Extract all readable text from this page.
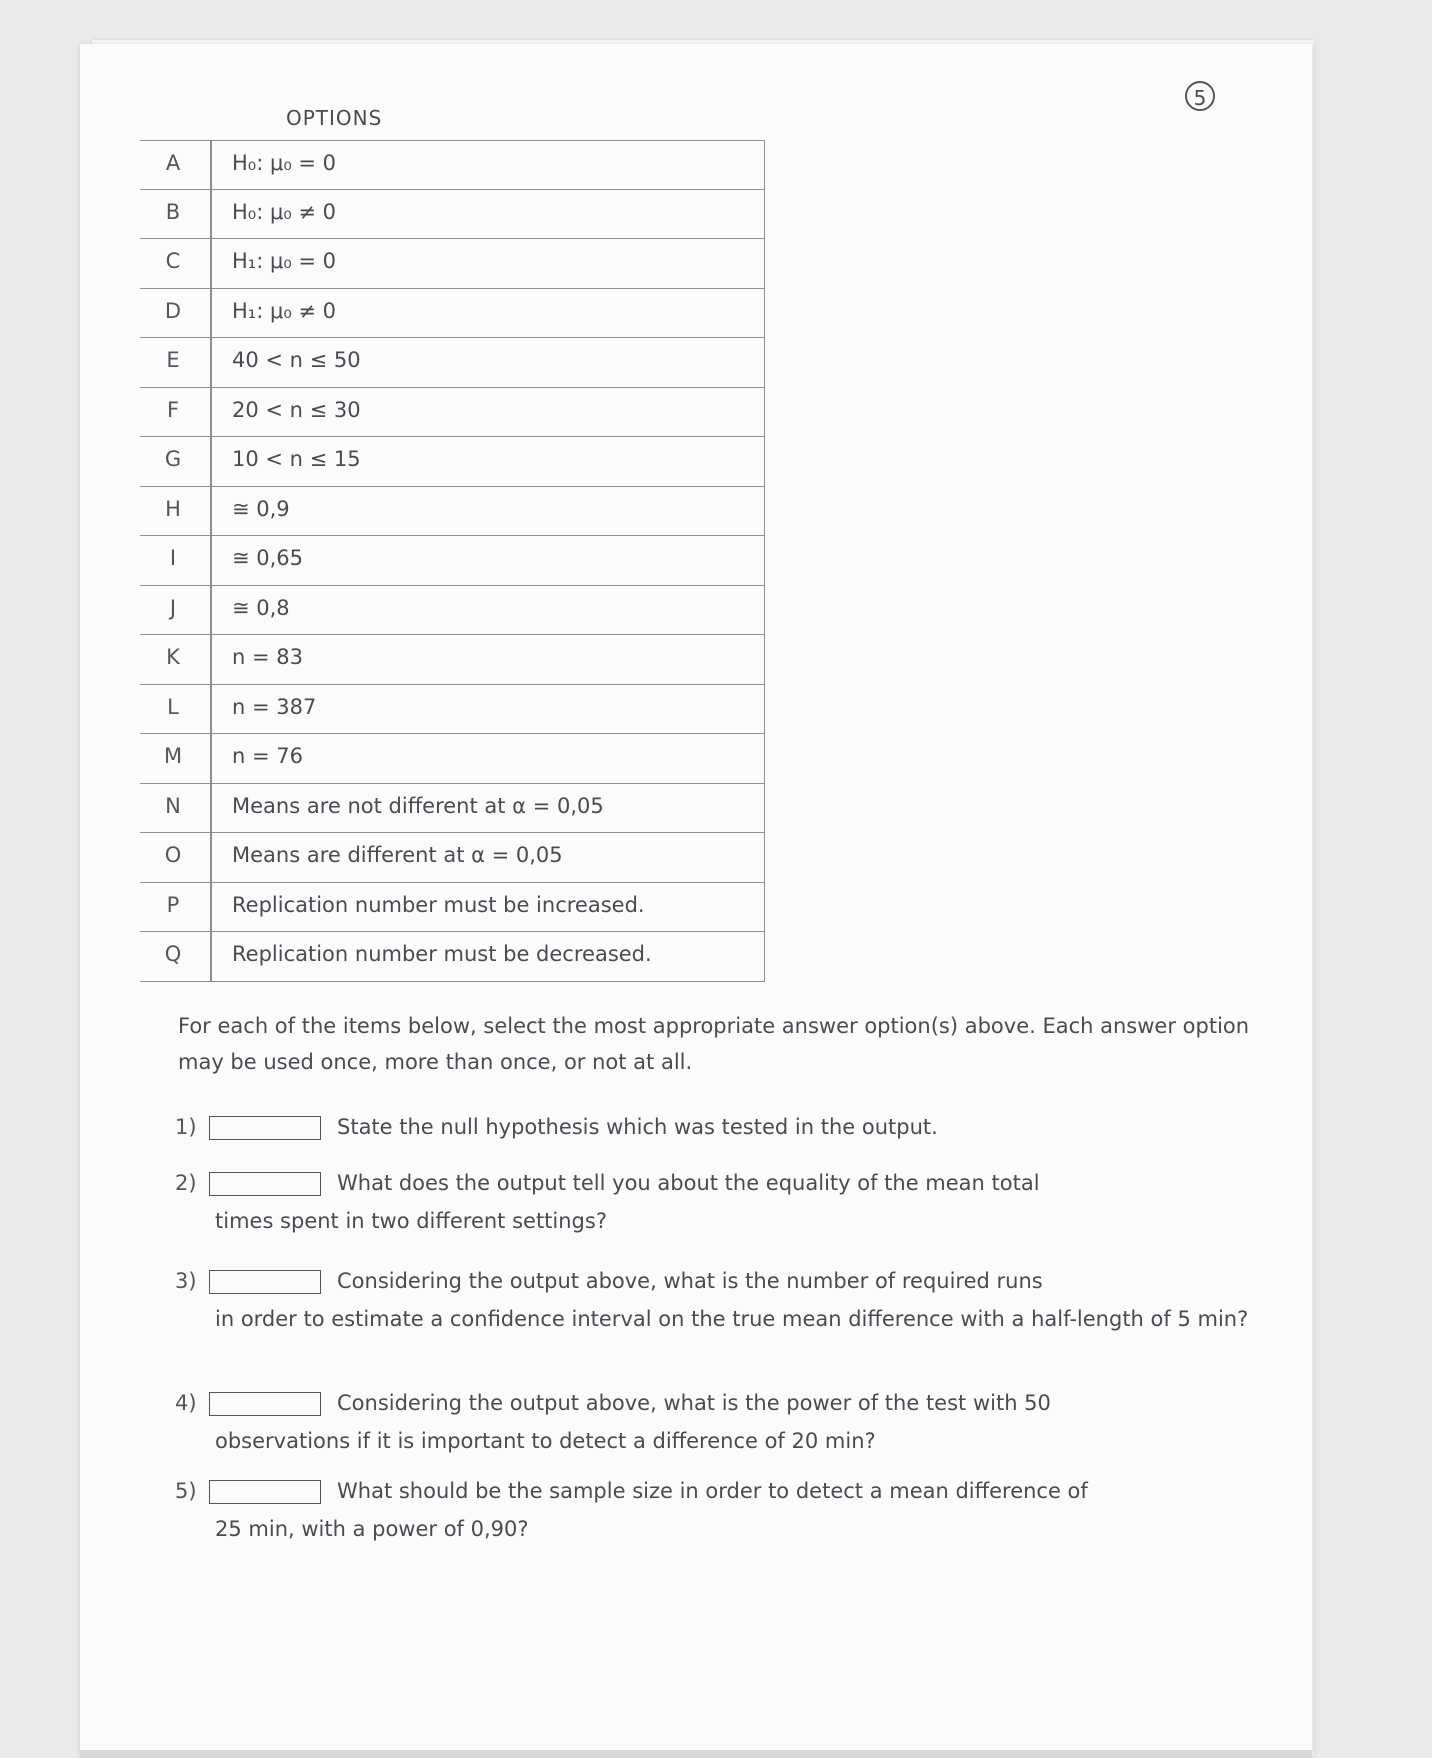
5
OPTIONS
A	H₀: μ₀ = 0
B	H₀: μ₀ ≠ 0
C	H₁: μ₀ = 0
D	H₁: μ₀ ≠ 0
E	40 < n ≤ 50
F	20 < n ≤ 30
G	10 < n ≤ 15
H	≅ 0,9
I	≅ 0,65
J	≅ 0,8
K	n = 83
L	n = 387
M n = 76
N	Means are not different at α = 0,05
O	Means are different at α = 0,05
P	Replication number must be increased.
Q	Replication number must be decreased.
For each of the items below, select the most appropriate answer option(s) above. Each answer option may be used once, more than once, or not at all.
1)	State the null hypothesis which was tested in the output.
2)	What does the output tell you about the equality of the mean total
times spent in two different settings?
3)	Considering the output above, what is the number of required runs
in order to estimate a confidence interval on the true mean difference with a half-length of 5 min?
4)	Considering the output above, what is the power of the test with 50
observations if it is important to detect a difference of 20 min?
5)	What should be the sample size in order to detect a mean difference of
25 min, with a power of 0,90?
